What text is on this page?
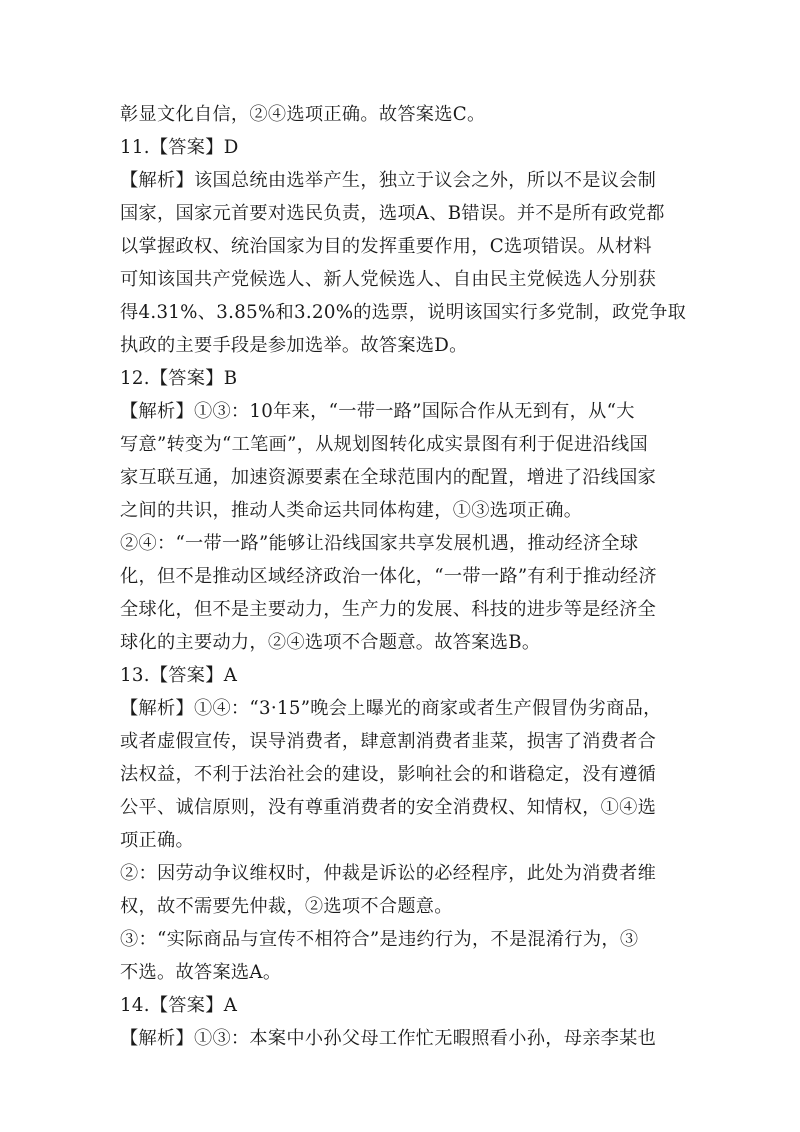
彰显文化自信，②④选项正确。故答案选C。
11.【答案】D
【解析】该国总统由选举产生，独立于议会之外，所以不是议会制
国家，国家元首要对选民负责，选项A、B错误。并不是所有政党都
以掌握政权、统治国家为目的发挥重要作用，C选项错误。从材料
可知该国共产党候选人、新人党候选人、自由民主党候选人分别获
得4.31%、3.85%和3.20%的选票，说明该国实行多党制，政党争取
执政的主要手段是参加选举。故答案选D。
12.【答案】B
【解析】①③：10年来，“一带一路”国际合作从无到有，从“大
写意”转变为“工笔画”，从规划图转化成实景图有利于促进沿线国
家互联互通，加速资源要素在全球范围内的配置，增进了沿线国家
之间的共识，推动人类命运共同体构建，①③选项正确。
②④：“一带一路”能够让沿线国家共享发展机遇，推动经济全球
化，但不是推动区域经济政治一体化，“一带一路”有利于推动经济
全球化，但不是主要动力，生产力的发展、科技的进步等是经济全
球化的主要动力，②④选项不合题意。故答案选B。
13.【答案】A
【解析】①④：“3·15”晚会上曝光的商家或者生产假冒伪劣商品，
或者虚假宣传，误导消费者，肆意割消费者韭菜，损害了消费者合
法权益，不利于法治社会的建设，影响社会的和谐稳定，没有遵循
公平、诚信原则，没有尊重消费者的安全消费权、知情权，①④选
项正确。
②：因劳动争议维权时，仲裁是诉讼的必经程序，此处为消费者维
权，故不需要先仲裁，②选项不合题意。
③：“实际商品与宣传不相符合”是违约行为，不是混淆行为，③
不选。故答案选A。
14.【答案】A
【解析】①③：本案中小孙父母工作忙无暇照看小孙，母亲李某也
